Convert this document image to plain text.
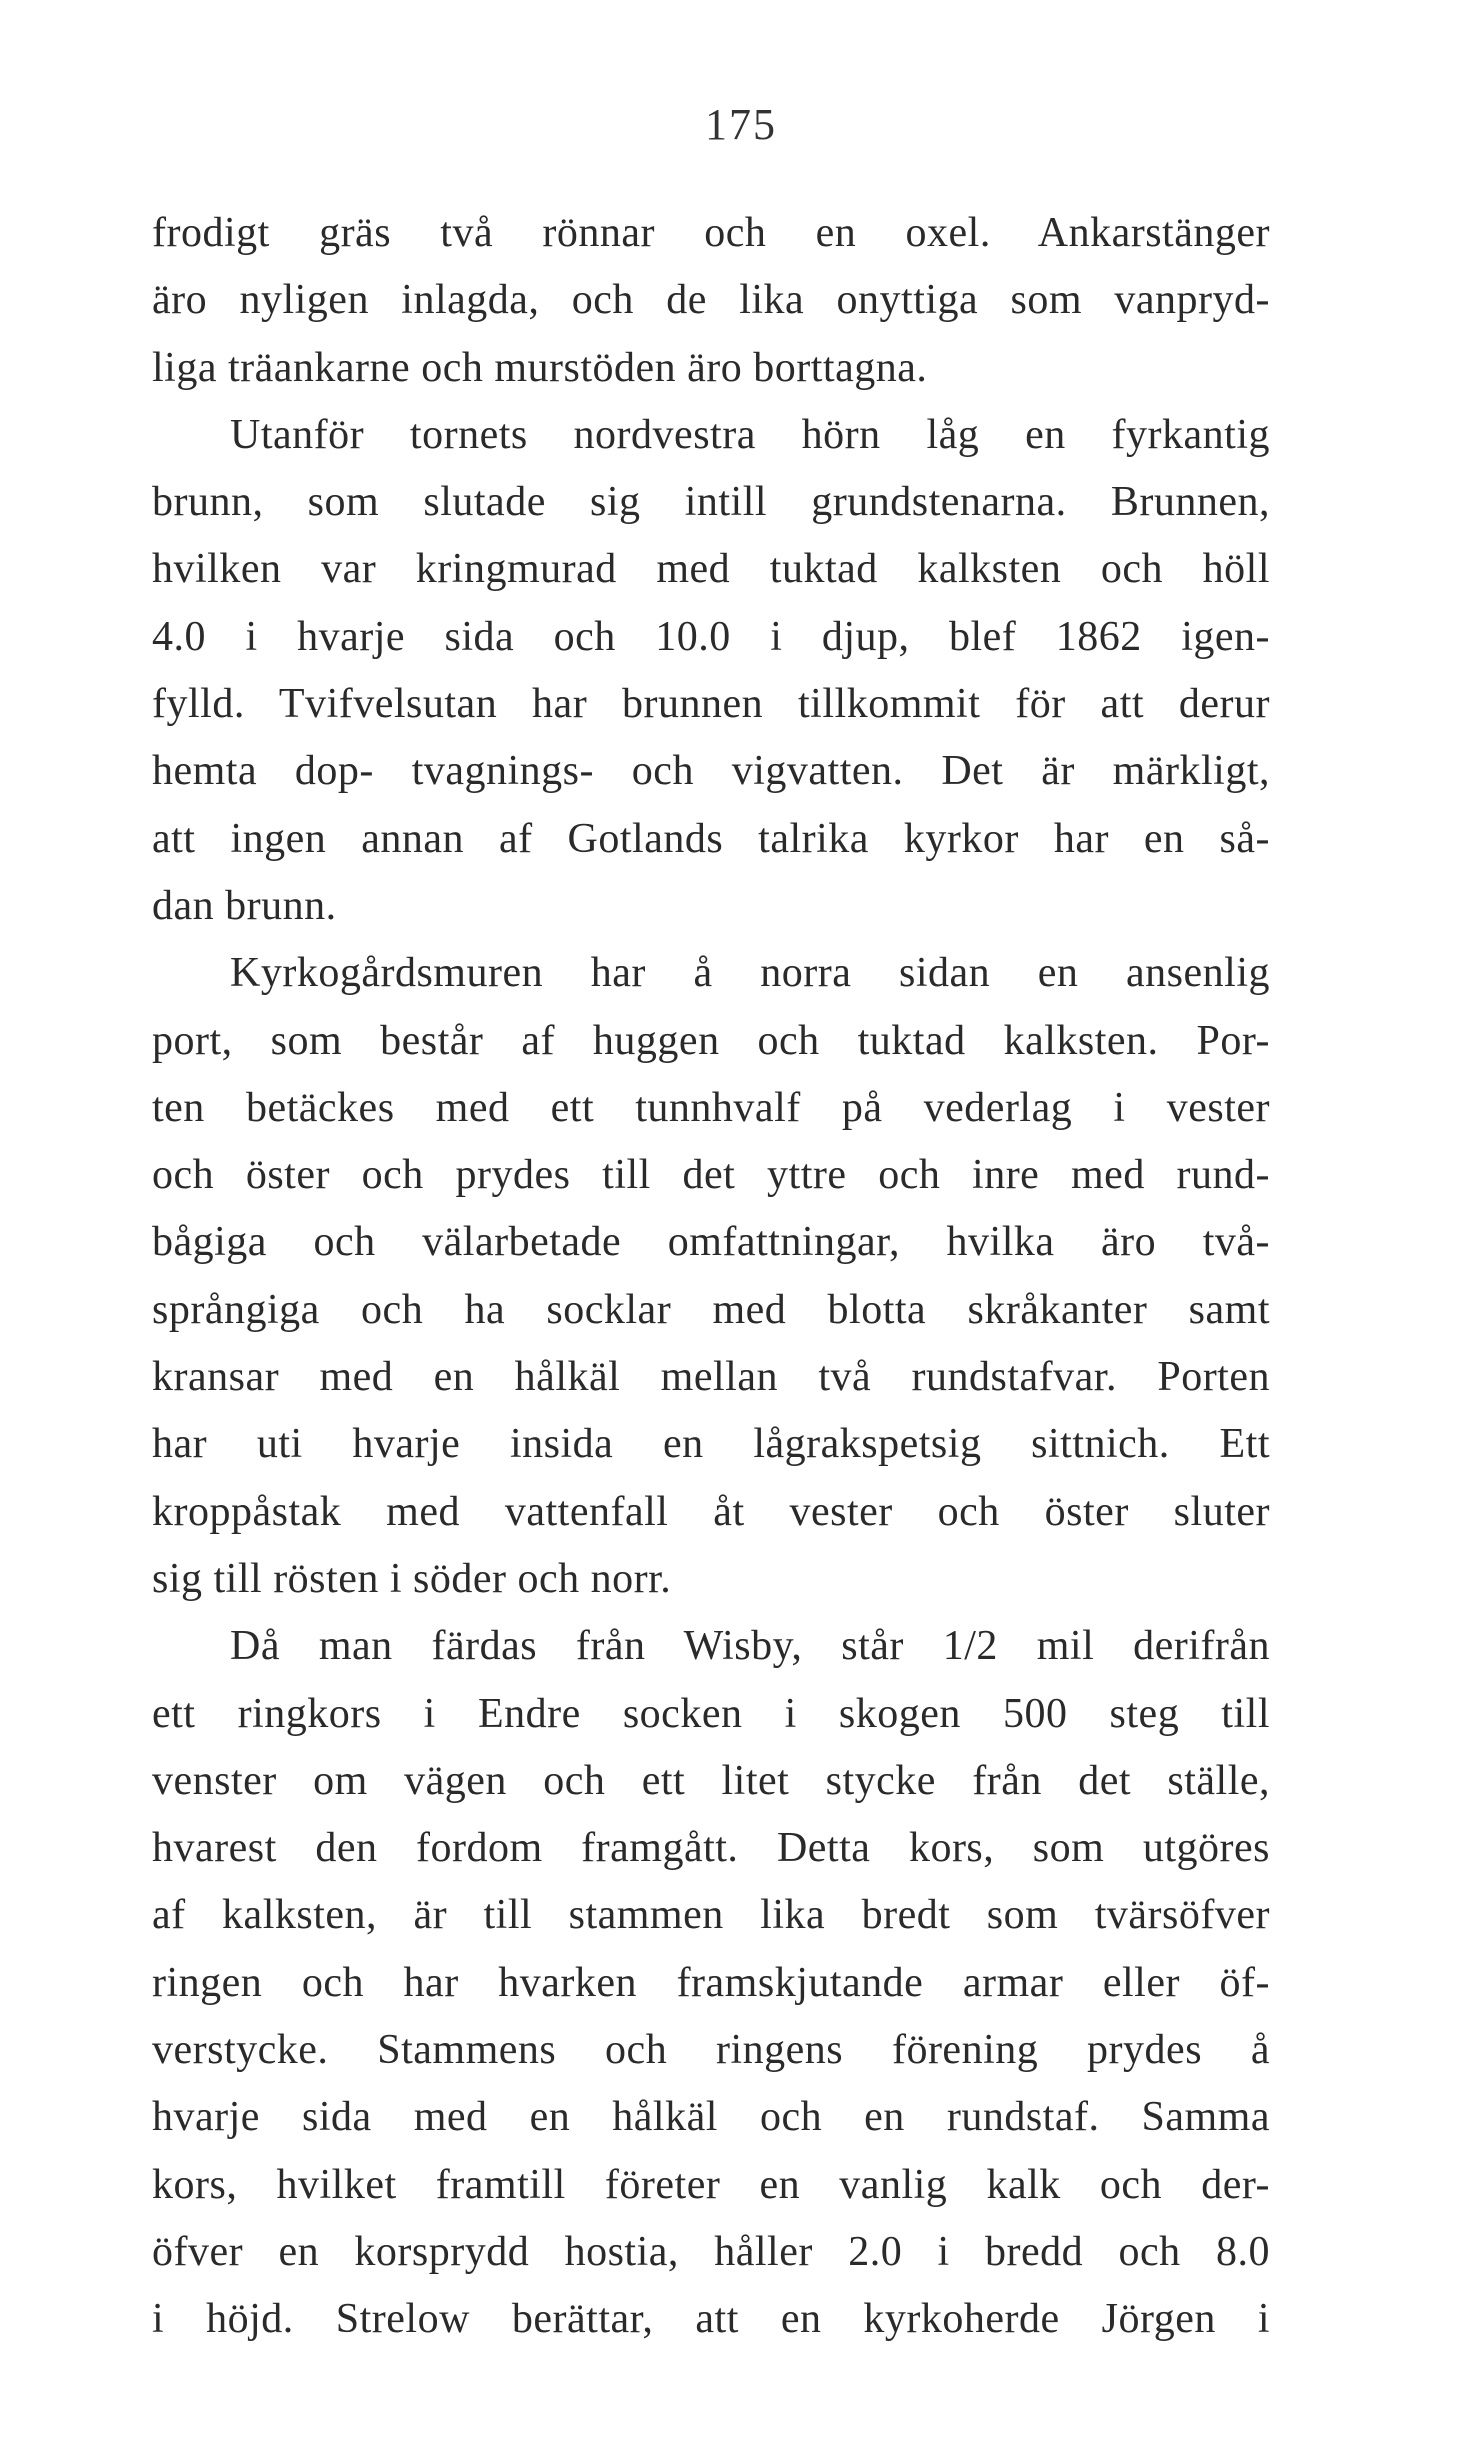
175
frodigt gräs två rönnar och en oxel. Ankarstänger
äro nyligen inlagda, och de lika onyttiga som vanpryd-
liga träankarne och murstöden äro borttagna.
Utanför tornets nordvestra hörn låg en fyrkantig
brunn, som slutade sig intill grundstenarna. Brunnen,
hvilken var kringmurad med tuktad kalksten och höll
4.0 i hvarje sida och 10.0 i djup, blef 1862 igen-
fylld. Tvifvelsutan har brunnen tillkommit för att derur
hemta dop- tvagnings- och vigvatten. Det är märkligt,
att ingen annan af Gotlands talrika kyrkor har en så-
dan brunn.
Kyrkogårdsmuren har å norra sidan en ansenlig
port, som består af huggen och tuktad kalksten. Por-
ten betäckes med ett tunnhvalf på vederlag i vester
och öster och prydes till det yttre och inre med rund-
bågiga och välarbetade omfattningar, hvilka äro två-
språngiga och ha socklar med blotta skråkanter samt
kransar med en hålkäl mellan två rundstafvar. Porten
har uti hvarje insida en lågrakspetsig sittnich. Ett
kroppåstak med vattenfall åt vester och öster sluter
sig till rösten i söder och norr.
Då man färdas från Wisby, står 1/2 mil derifrån
ett ringkors i Endre socken i skogen 500 steg till
venster om vägen och ett litet stycke från det ställe,
hvarest den fordom framgått. Detta kors, som utgöres
af kalksten, är till stammen lika bredt som tvärsöfver
ringen och har hvarken framskjutande armar eller öf-
verstycke. Stammens och ringens förening prydes å
hvarje sida med en hålkäl och en rundstaf. Samma
kors, hvilket framtill företer en vanlig kalk och der-
öfver en korsprydd hostia, håller 2.0 i bredd och 8.0
i höjd. Strelow berättar, att en kyrkoherde Jörgen i
